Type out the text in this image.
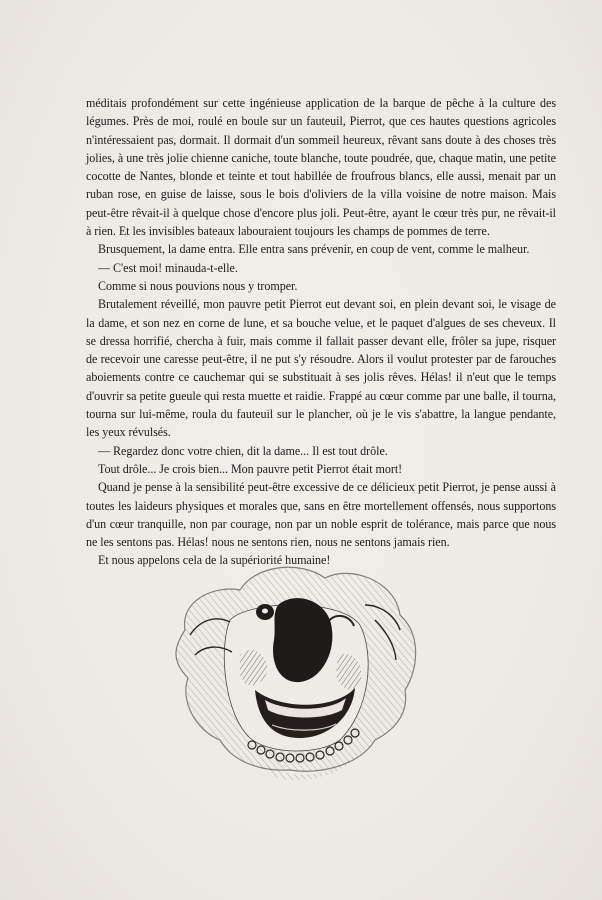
méditais profondément sur cette ingénieuse application de la barque de pêche à la culture des légumes. Près de moi, roulé en boule sur un fauteuil, Pierrot, que ces hautes questions agricoles n'intéressaient pas, dormait. Il dormait d'un sommeil heureux, rêvant sans doute à des choses très jolies, à une très jolie chienne caniche, toute blanche, toute poudrée, que, chaque matin, une petite cocotte de Nantes, blonde et teinte et tout habillée de froufrous blancs, elle aussi, menait par un ruban rose, en guise de laisse, sous le bois d'oliviers de la villa voisine de notre maison. Mais peut-être rêvait-il à quelque chose d'encore plus joli. Peut-être, ayant le cœur très pur, ne rêvait-il à rien. Et les invisibles bateaux labouraient toujours les champs de pommes de terre.

Brusquement, la dame entra. Elle entra sans prévenir, en coup de vent, comme le malheur.

— C'est moi! minauda-t-elle.

Comme si nous pouvions nous y tromper.

Brutalement réveillé, mon pauvre petit Pierrot eut devant soi, en plein devant soi, le visage de la dame, et son nez en corne de lune, et sa bouche velue, et le paquet d'algues de ses cheveux. Il se dressa horrifié, chercha à fuir, mais comme il fallait passer devant elle, frôler sa jupe, risquer de recevoir une caresse peut-être, il ne put s'y résoudre. Alors il voulut protester par de farouches aboiements contre ce cauchemar qui se substituait à ses jolis rêves. Hélas! il n'eut que le temps d'ouvrir sa petite gueule qui resta muette et raidie. Frappé au cœur comme par une balle, il tourna, tourna sur lui-même, roula du fauteuil sur le plancher, où je le vis s'abattre, la langue pendante, les yeux révulsés.

— Regardez donc votre chien, dit la dame... Il est tout drôle.

Tout drôle... Je crois bien... Mon pauvre petit Pierrot était mort!

Quand je pense à la sensibilité peut-être excessive de ce délicieux petit Pierrot, je pense aussi à toutes les laideurs physiques et morales que, sans en être mortellement offensés, nous supportons d'un cœur tranquille, non par courage, non par un noble esprit de tolérance, mais parce que nous ne les sentons pas. Hélas! nous ne sentons rien, nous ne sentons jamais rien.

Et nous appelons cela de la supériorité humaine!
